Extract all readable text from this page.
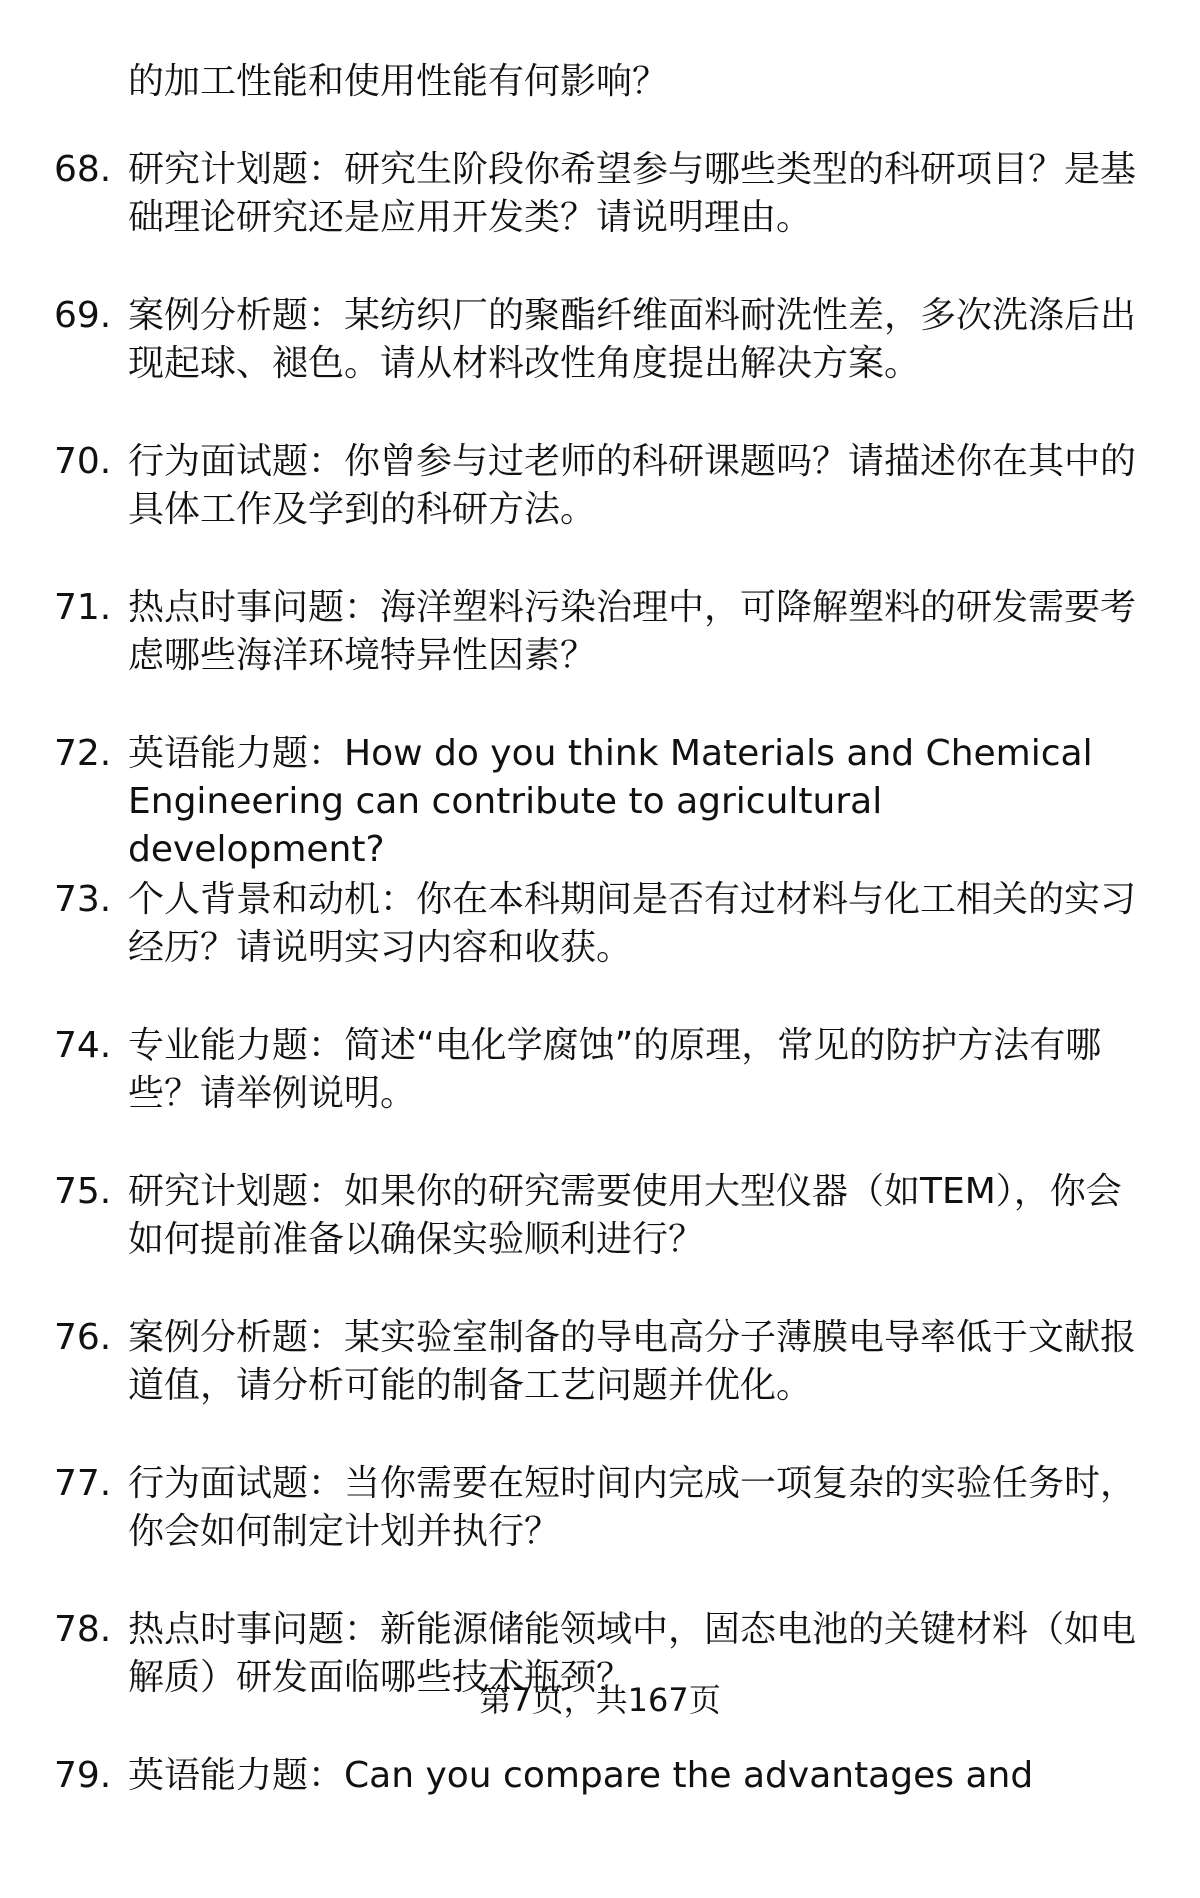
的加工性能和使用性能有何影响？
68. 研究计划题：研究生阶段你希望参与哪些类型的科研项目？是基础理论研究还是应用开发类？请说明理由。
69. 案例分析题：某纺织厂的聚酯纤维面料耐洗性差，多次洗涤后出现起球、褪色。请从材料改性角度提出解决方案。
70. 行为面试题：你曾参与过老师的科研课题吗？请描述你在其中的具体工作及学到的科研方法。
71. 热点时事问题：海洋塑料污染治理中，可降解塑料的研发需要考虑哪些海洋环境特异性因素？
72. 英语能力题：How do you think Materials and Chemical Engineering can contribute to agricultural development?
73. 个人背景和动机：你在本科期间是否有过材料与化工相关的实习经历？请说明实习内容和收获。
74. 专业能力题：简述“电化学腐蚀”的原理，常见的防护方法有哪些？请举例说明。
75. 研究计划题：如果你的研究需要使用大型仪器（如TEM），你会如何提前准备以确保实验顺利进行？
76. 案例分析题：某实验室制备的导电高分子薄膜电导率低于文献报道值，请分析可能的制备工艺问题并优化。
77. 行为面试题：当你需要在短时间内完成一项复杂的实验任务时，你会如何制定计划并执行？
78. 热点时事问题：新能源储能领域中，固态电池的关键材料（如电解质）研发面临哪些技术瓶颈？
79. 英语能力题：Can you compare the advantages and
第7页，共167页
